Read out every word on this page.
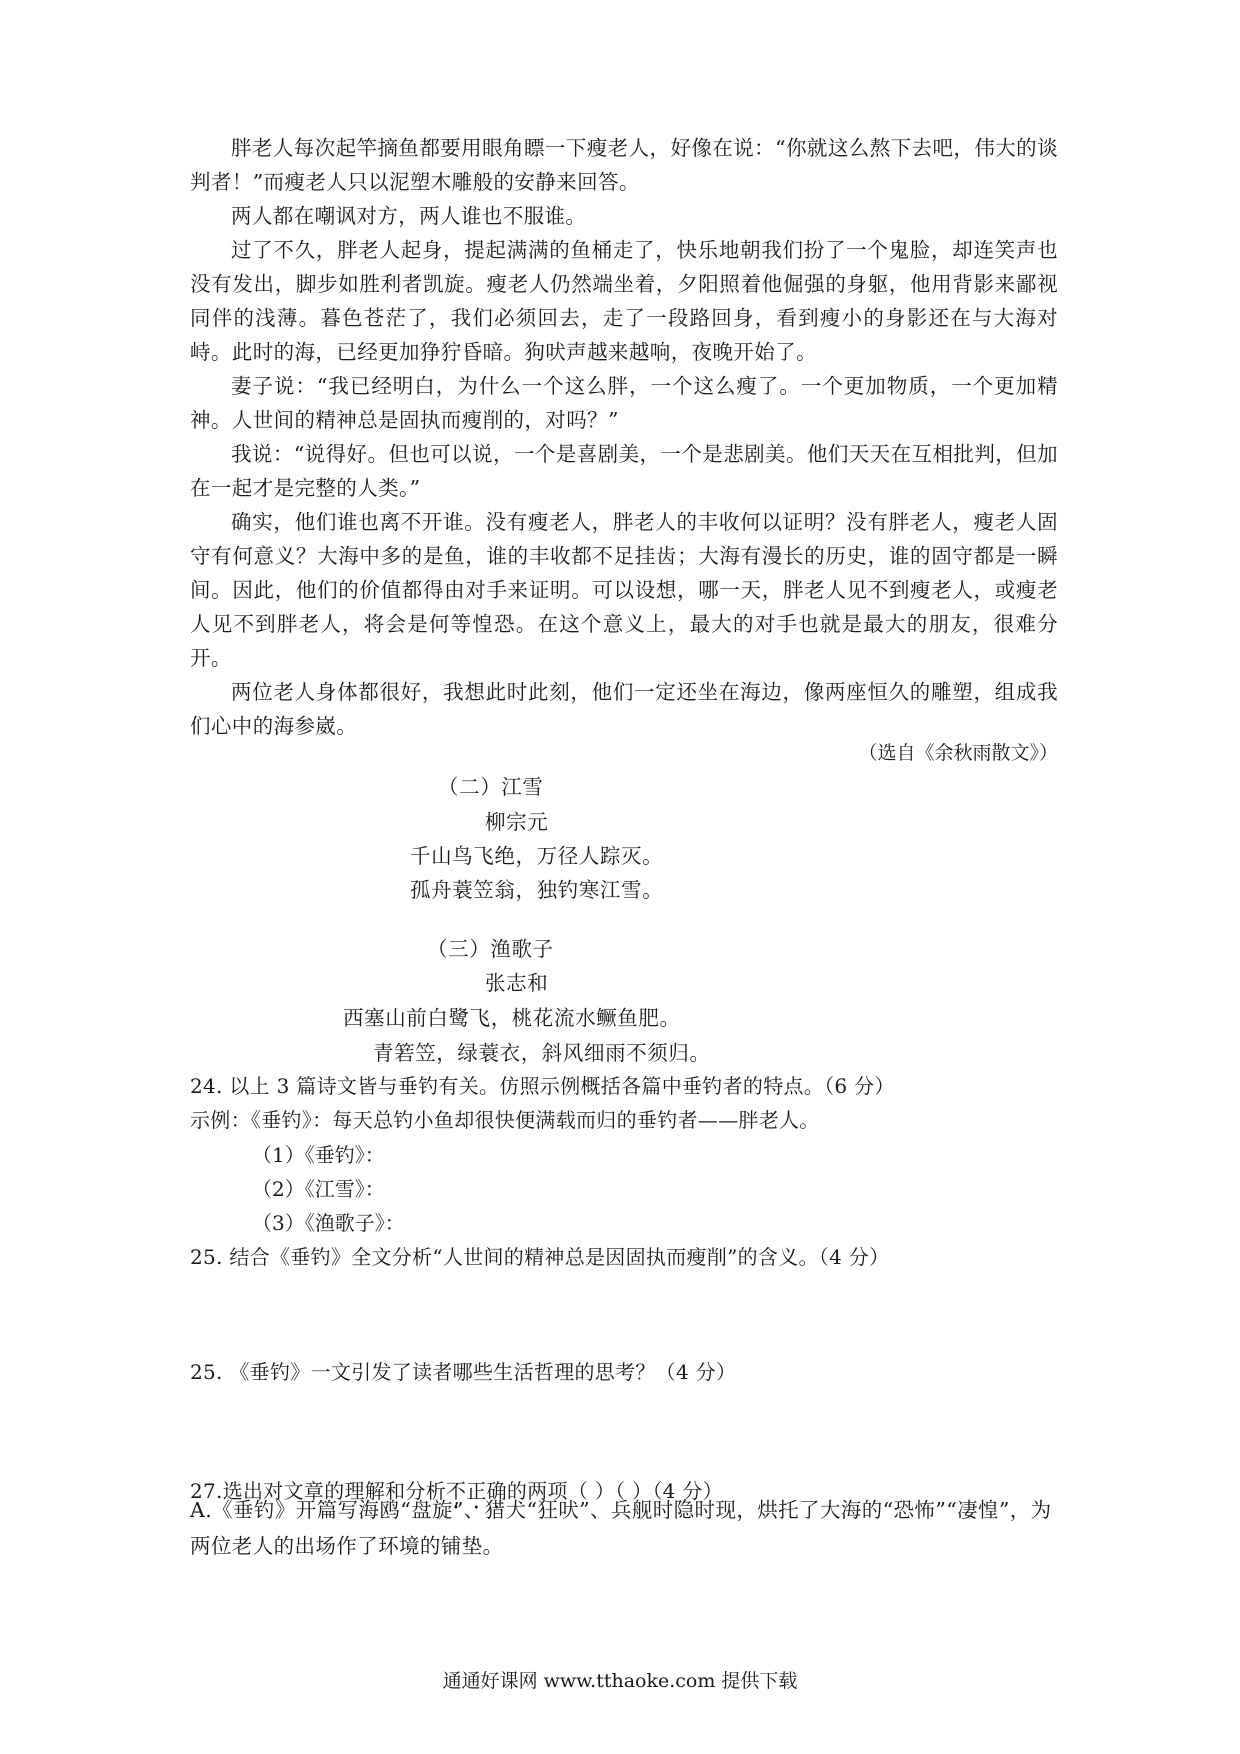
胖老人每次起竿摘鱼都要用眼角瞟一下瘦老人，好像在说：“你就这么熬下去吧，伟大的谈判者！”而瘦老人只以泥塑木雕般的安静来回答。

两人都在嘲讽对方，两人谁也不服谁。

过了不久，胖老人起身，提起满满的鱼桶走了，快乐地朝我们扮了一个鬼脸，却连笑声也没有发出，脚步如胜利者凯旋。瘦老人仍然端坐着，夕阳照着他倔强的身躯，他用背影来鄙视同伴的浅薄。暮色苍茫了，我们必须回去，走了一段路回身，看到瘦小的身影还在与大海对峙。此时的海，已经更加狰狞昏暗。狗吠声越来越响，夜晚开始了。

妻子说：“我已经明白，为什么一个这么胖，一个这么瘦了。一个更加物质，一个更加精神。人世间的精神总是固执而瘦削的，对吗？”

我说：“说得好。但也可以说，一个是喜剧美，一个是悲剧美。他们天天在互相批判，但加在一起才是完整的人类。”

确实，他们谁也离不开谁。没有瘦老人，胖老人的丰收何以证明？没有胖老人，瘦老人固守有何意义？大海中多的是鱼，谁的丰收都不足挂齿；大海有漫长的历史，谁的固守都是一瞬间。因此，他们的价值都得由对手来证明。可以设想，哪一天，胖老人见不到瘦老人，或瘦老人见不到胖老人，将会是何等惶恐。在这个意义上，最大的对手也就是最大的朋友，很难分开。

两位老人身体都很好，我想此时此刻，他们一定还坐在海边，像两座恒久的雕塑，组成我们心中的海参崴。

（选自《余秋雨散文》）
（二）江雪
柳宗元
千山鸟飞绝，万径人踪灭。
孤舟蓑笠翁，独钓寒江雪。
（三）渔歌子
张志和
西塞山前白鹭飞，桃花流水鳜鱼肥。
青箬笠，绿蓑衣，斜风细雨不须归。
24. 以上 3 篇诗文皆与垂钓有关。仿照示例概括各篇中垂钓者的特点。（6 分）
示例：《垂钓》：每天总钓小鱼却很快便满载而归的垂钓者——胖老人。
（1）《垂钓》：
（2）《江雪》：
（3）《渔歌子》：
25. 结合《垂钓》全文分析“人世间的精神总是因固执而瘦削”的含义。（4 分）
25. 《垂钓》一文引发了读者哪些生活哲理的思考？（4 分）
27.选出对文章的理解和分析不正确的两项（ ）（ ）（4 分）
A.《垂钓》开篇写海鸥“盘旋”、猎犬“狂吠”、兵舰时隐时现，烘托了大海的“恐怖”“凄惶”，为两位老人的出场作了环境的铺垫。
通通好课网 www.tthaoke.com 提供下载
